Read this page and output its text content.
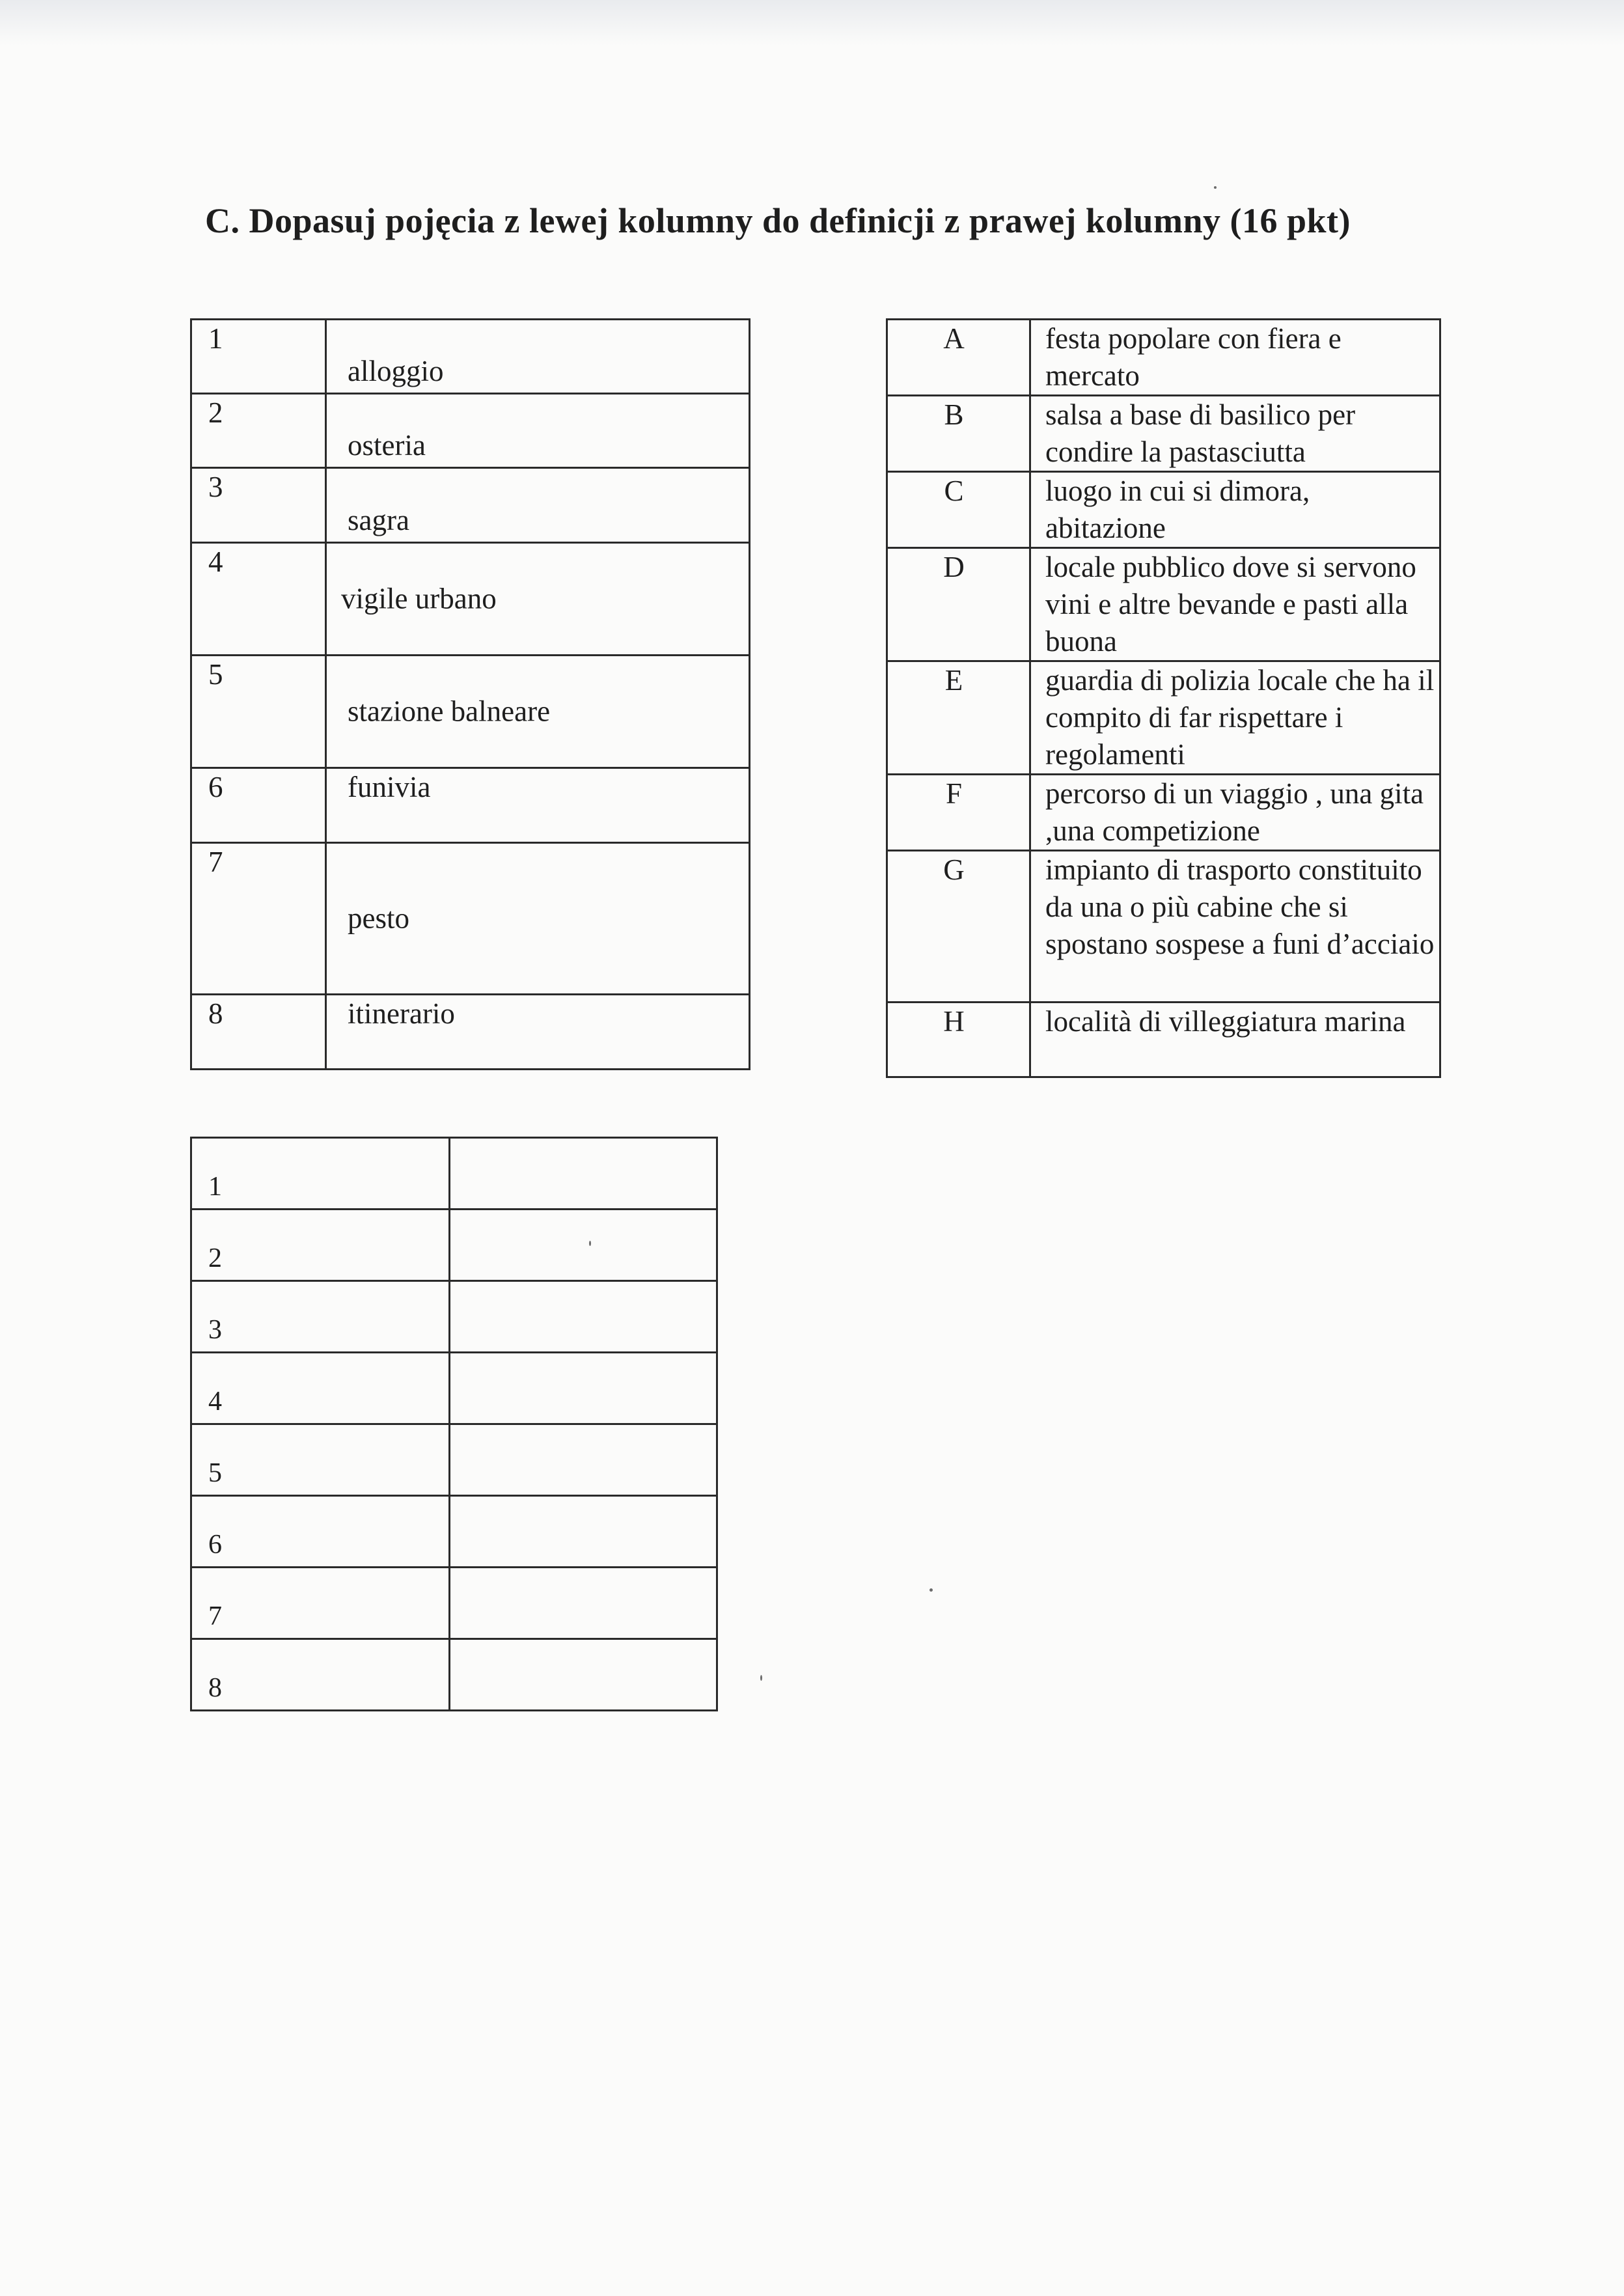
C. Dopasuj pojęcia z lewej kolumny do definicji z prawej kolumny (16 pkt)
1	alloggio

2	osteria

3	sagra

4	vigile urbano

5	stazione balneare

6	funivia

7	pesto

8	itinerario
A	festa popolare con fiera e mercato
B	salsa a base di basilico per condire la pastasciutta
C	luogo in cui si dimora, abitazione
D	locale pubblico dove si servono vini e altre bevande e pasti alla buona
E	guardia di polizia locale che ha il compito di far rispettare i regolamenti
F	percorso di un viaggio , una gita ,una competizione
G	impianto di trasporto constituito da una o più cabine che si spostano sospese a funi d’acciaio
H	località di villeggiatura marina
1	
2	
3	
4	
5	
6	
7	
8	
